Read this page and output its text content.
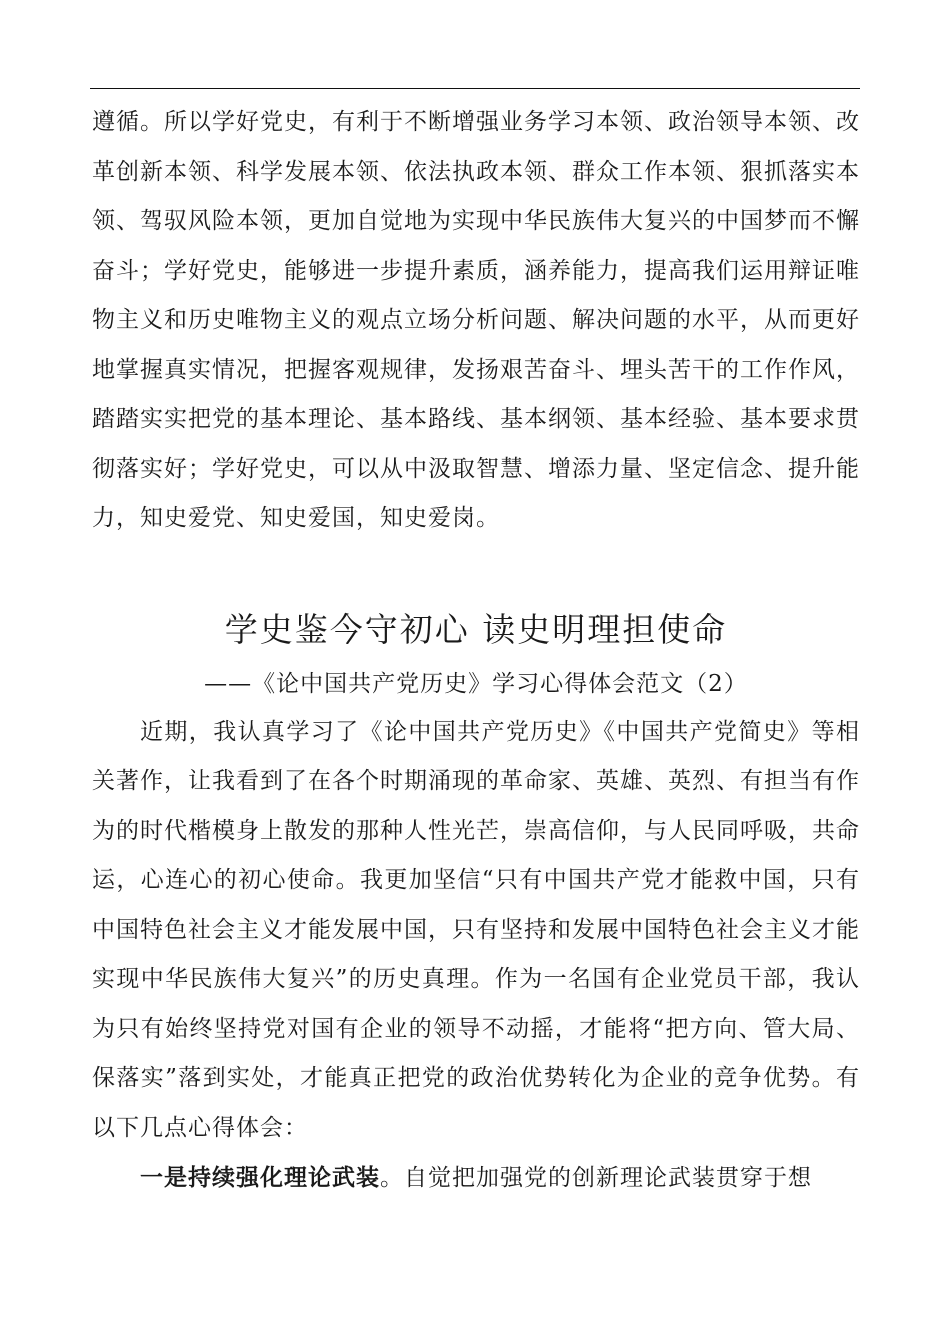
遵循。所以学好党史，有利于不断增强业务学习本领、政治领导本领、改革创新本领、科学发展本领、依法执政本领、群众工作本领、狠抓落实本领、驾驭风险本领，更加自觉地为实现中华民族伟大复兴的中国梦而不懈奋斗；学好党史，能够进一步提升素质，涵养能力，提高我们运用辩证唯物主义和历史唯物主义的观点立场分析问题、解决问题的水平，从而更好地掌握真实情况，把握客观规律，发扬艰苦奋斗、埋头苦干的工作作风，踏踏实实把党的基本理论、基本路线、基本纲领、基本经验、基本要求贯彻落实好；学好党史，可以从中汲取智慧、增添力量、坚定信念、提升能力，知史爱党、知史爱国，知史爱岗。

学史鉴今守初心 读史明理担使命

——《论中国共产党历史》学习心得体会范文（2）

近期，我认真学习了《论中国共产党历史》《中国共产党简史》等相关著作，让我看到了在各个时期涌现的革命家、英雄、英烈、有担当有作为的时代楷模身上散发的那种人性光芒，崇高信仰，与人民同呼吸，共命运，心连心的初心使命。我更加坚信“只有中国共产党才能救中国，只有中国特色社会主义才能发展中国，只有坚持和发展中国特色社会主义才能实现中华民族伟大复兴”的历史真理。作为一名国有企业党员干部，我认为只有始终坚持党对国有企业的领导不动摇，才能将“把方向、管大局、保落实”落到实处，才能真正把党的政治优势转化为企业的竞争优势。有以下几点心得体会：

一是持续强化理论武装。自觉把加强党的创新理论武装贯穿于想
